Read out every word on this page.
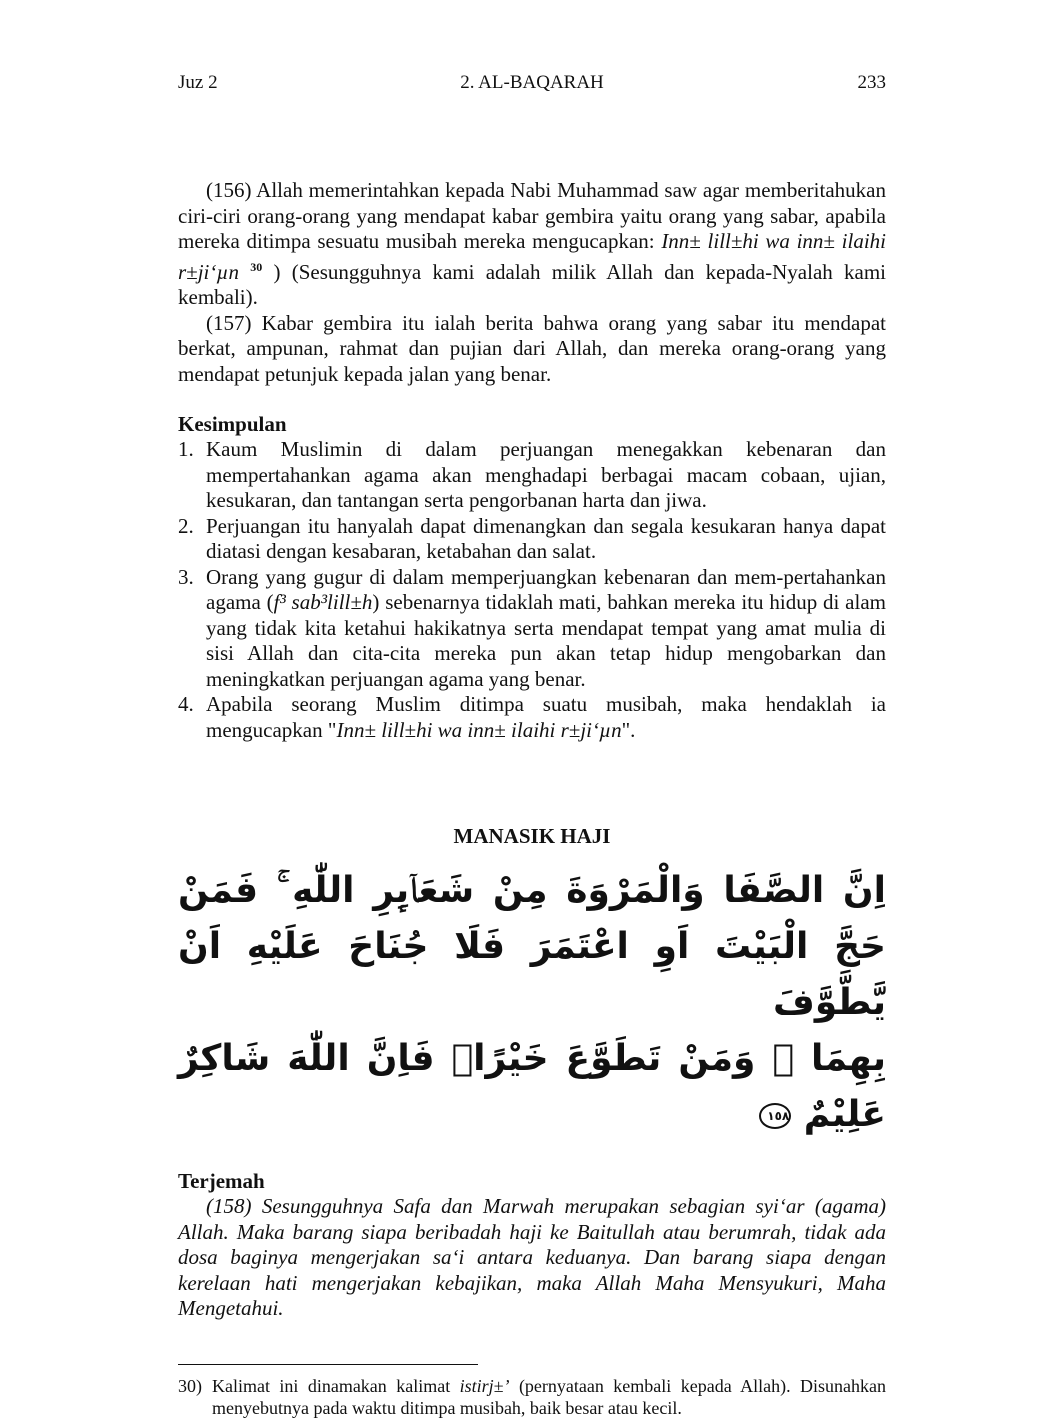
Juz 2	2. AL-BAQARAH	233

(156) Allah memerintahkan kepada Nabi Muhammad saw agar memberitahukan ciri-ciri orang-orang yang mendapat kabar gembira yaitu orang yang sabar, apabila mereka ditimpa sesuatu musibah mereka mengucapkan: Inn± lill±hi wa inn± ilaihi r±ji‘µn $^{30}$ ) (Sesungguhnya kami adalah milik Allah dan kepada-Nyalah kami kembali).

(157) Kabar gembira itu ialah berita bahwa orang yang sabar itu mendapat berkat, ampunan, rahmat dan pujian dari Allah, dan mereka orang-orang yang mendapat petunjuk kepada jalan yang benar.

Kesimpulan
1. Kaum Muslimin di dalam perjuangan menegakkan kebenaran dan mempertahankan agama akan menghadapi berbagai macam cobaan, ujian, kesukaran, dan tantangan serta pengorbanan harta dan jiwa.
2. Perjuangan itu hanyalah dapat dimenangkan dan segala kesukaran hanya dapat diatasi dengan kesabaran, ketabahan dan salat.
3. Orang yang gugur di dalam memperjuangkan kebenaran dan mem-pertahankan agama (f³ sab³lill±h) sebenarnya tidaklah mati, bahkan mereka itu hidup di alam yang tidak kita ketahui hakikatnya serta mendapat tempat yang amat mulia di sisi Allah dan cita-cita mereka pun akan tetap hidup mengobarkan dan meningkatkan perjuangan agama yang benar.
4. Apabila seorang Muslim ditimpa suatu musibah, maka hendaklah ia mengucapkan "Inn± lill±hi wa inn± ilaihi r±ji‘µn".
MANASIK HAJI
اِنَّ الصَّفَا وَالْمَرْوَةَ مِنْ شَعَاۤىِٕرِ اللّٰهِ ۚ فَمَنْ حَجَّ الْبَيْتَ اَوِ اعْتَمَرَ فَلَا جُنَاحَ عَلَيْهِ اَنْ يَّطَّوَّفَ
بِهِمَا ۗ وَمَنْ تَطَوَّعَ خَيْرًاۙ فَاِنَّ اللّٰهَ شَاكِرٌ عَلِيْمٌ ١٥٨
Terjemah

(158) Sesungguhnya Safa dan Marwah merupakan sebagian syi‘ar (agama) Allah. Maka barang siapa beribadah haji ke Baitullah atau berumrah, tidak ada dosa baginya mengerjakan sa‘i antara keduanya. Dan barang siapa dengan kerelaan hati mengerjakan kebajikan, maka Allah Maha Mensyukuri, Maha Mengetahui.

30) Kalimat ini dinamakan kalimat istirj±’ (pernyataan kembali kepada Allah). Disunahkan menyebutnya pada waktu ditimpa musibah, baik besar atau kecil.
